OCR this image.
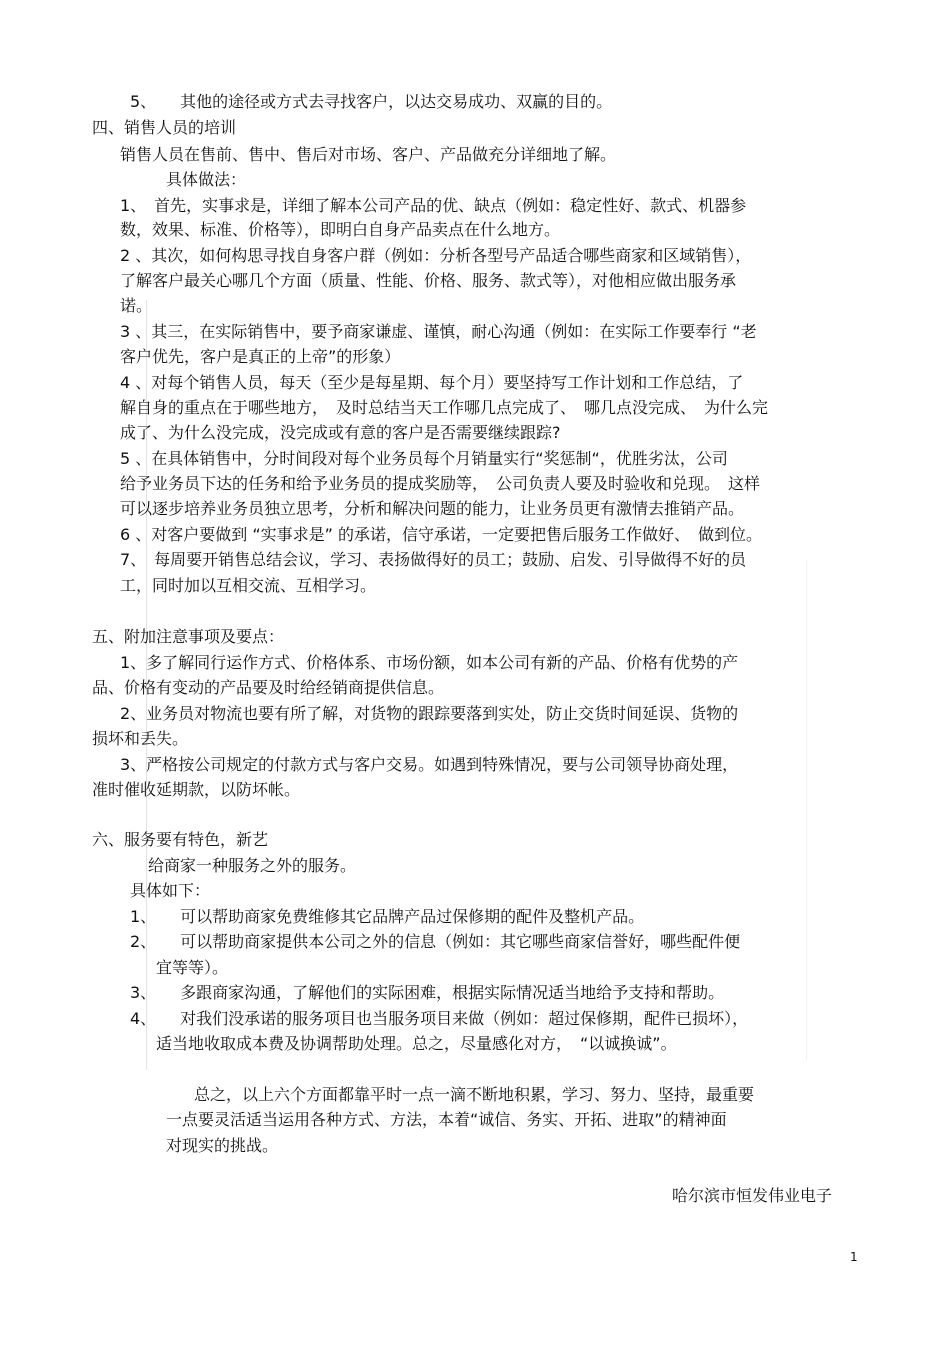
5、　　其他的途径或方式去寻找客户，以达交易成功、双赢的目的。
四、销售人员的培训
销售人员在售前、售中、售后对市场、客户、产品做充分详细地了解。
具体做法：
1、　首先，实事求是，详细了解本公司产品的优、缺点（例如：稳定性好、款式、机器参
数，效果、标准、价格等），即明白自身产品卖点在什么地方。
2 、其次，如何构思寻找自身客户群（例如：分析各型号产品适合哪些商家和区域销售），
了解客户最关心哪几个方面（质量、性能、价格、服务、款式等），对他相应做出服务承
诺。
3 、其三，在实际销售中，要予商家谦虚、谨慎，耐心沟通（例如：在实际工作要奉行 “老
客户优先，客户是真正的上帝”的形象）
4 、对每个销售人员，每天（至少是每星期、每个月）要坚持写工作计划和工作总结，了
解自身的重点在于哪些地方，　及时总结当天工作哪几点完成了、　哪几点没完成、　为什么完
成了、为什么没完成，没完成或有意的客户是否需要继续跟踪?
5 、在具体销售中，分时间段对每个业务员每个月销量实行“奖惩制“，优胜劣汰，公司
给予业务员下达的任务和给予业务员的提成奖励等，　公司负责人要及时验收和兑现。　这样
可以逐步培养业务员独立思考，分析和解决问题的能力，让业务员更有激情去推销产品。
6 、对客户要做到 “实事求是” 的承诺，信守承诺，一定要把售后服务工作做好、　做到位。
7、　每周要开销售总结会议，学习、表扬做得好的员工；鼓励、启发、引导做得不好的员
工，同时加以互相交流、互相学习。
五、附加注意事项及要点：
1、多了解同行运作方式、价格体系、市场份额，如本公司有新的产品、价格有优势的产
品、价格有变动的产品要及时给经销商提供信息。
2、业务员对物流也要有所了解，对货物的跟踪要落到实处，防止交货时间延误、货物的
损坏和丢失。
3、严格按公司规定的付款方式与客户交易。如遇到特殊情况，要与公司领导协商处理，
准时催收延期款，以防坏帐。
六、服务要有特色，新艺
给商家一种服务之外的服务。
具体如下：
1、　　可以帮助商家免费维修其它品牌产品过保修期的配件及整机产品。
2、　　可以帮助商家提供本公司之外的信息（例如：其它哪些商家信誉好，哪些配件便
宜等等）。
3、　　多跟商家沟通，了解他们的实际困难，根据实际情况适当地给予支持和帮助。
4、　　对我们没承诺的服务项目也当服务项目来做（例如：超过保修期，配件已损坏），
适当地收取成本费及协调帮助处理。总之，尽量感化对方，　“以诚换诚”。
总之，以上六个方面都靠平时一点一滴不断地积累，学习、努力、坚持，最重要
一点要灵活适当运用各种方式、方法，本着“诚信、务实、开拓、进取”的精神面
对现实的挑战。
哈尔滨市恒发伟业电子
1
